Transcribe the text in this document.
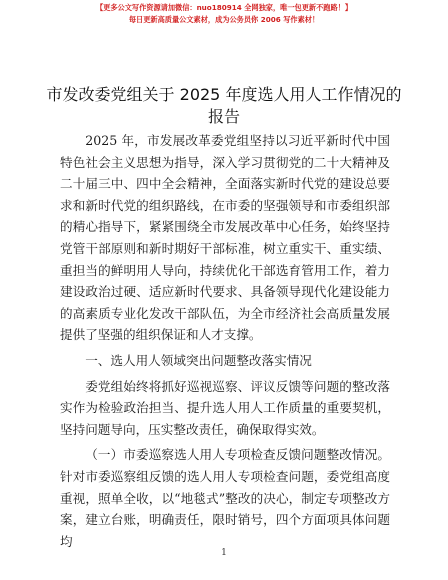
【更多公文写作资源请加微信：nuo180914 全网独家，唯一包更新不跑路！】
每日更新高质量公文素材，成为公务员你 2006 写作素材！
市发改委党组关于 2025 年度选人用人工作情况的报告

2025 年，市发展改革委党组坚持以习近平新时代中国特色社会主义思想为指导，深入学习贯彻党的二十大精神及二十届三中、四中全会精神，全面落实新时代党的建设总要求和新时代党的组织路线，在市委的坚强领导和市委组织部的精心指导下，紧紧围绕全市发展改革中心任务，始终坚持党管干部原则和新时期好干部标准，树立重实干、重实绩、重担当的鲜明用人导向，持续优化干部选育管用工作，着力建设政治过硬、适应新时代要求、具备领导现代化建设能力的高素质专业化发改干部队伍，为全市经济社会高质量发展提供了坚强的组织保证和人才支撑。

一、选人用人领域突出问题整改落实情况

委党组始终将抓好巡视巡察、评议反馈等问题的整改落实作为检验政治担当、提升选人用人工作质量的重要契机，坚持问题导向，压实整改责任，确保取得实效。

（一）市委巡察选人用人专项检查反馈问题整改情况。针对市委巡察组反馈的选人用人专项检查问题，委党组高度重视，照单全收，以“地毯式”整改的决心，制定专项整改方案，建立台账，明确责任，限时销号，四个方面项具体问题均

1
